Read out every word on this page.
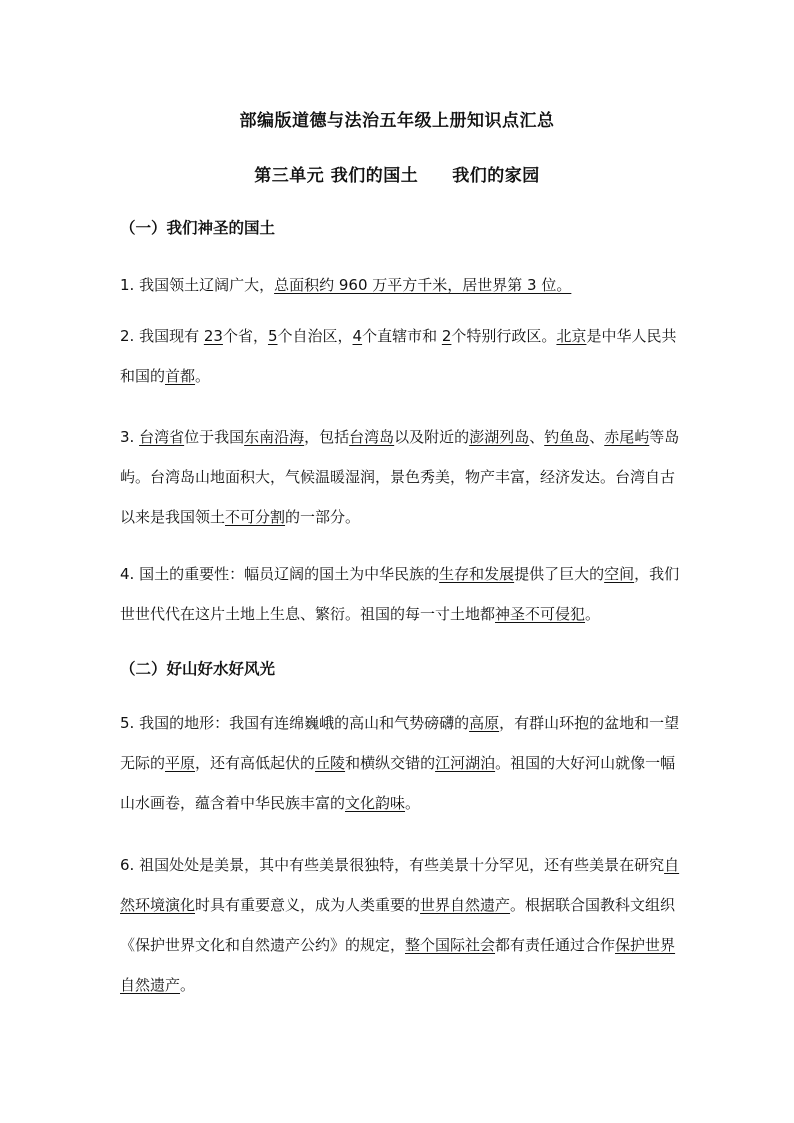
部编版道德与法治五年级上册知识点汇总
第三单元 我们的国土 我们的家园
（一）我们神圣的国土

1. 我国领土辽阔广大，总面积约 960 万平方千米，居世界第 3 位。

2. 我国现有 23个省，5个自治区，4个直辖市和 2个特别行政区。北京是中华人民共和国的首都。

3. 台湾省位于我国东南沿海，包括台湾岛以及附近的澎湖列岛、钓鱼岛、赤尾屿等岛屿。台湾岛山地面积大，气候温暖湿润，景色秀美，物产丰富，经济发达。台湾自古以来是我国领土不可分割的一部分。

4. 国土的重要性：幅员辽阔的国土为中华民族的生存和发展提供了巨大的空间，我们世世代代在这片土地上生息、繁衍。祖国的每一寸土地都神圣不可侵犯。

（二）好山好水好风光

5. 我国的地形：我国有连绵巍峨的高山和气势磅礴的高原，有群山环抱的盆地和一望无际的平原，还有高低起伏的丘陵和横纵交错的江河湖泊。祖国的大好河山就像一幅山水画卷，蕴含着中华民族丰富的文化韵味。

6. 祖国处处是美景，其中有些美景很独特，有些美景十分罕见，还有些美景在研究自然环境演化时具有重要意义，成为人类重要的世界自然遗产。根据联合国教科文组织《保护世界文化和自然遗产公约》的规定，整个国际社会都有责任通过合作保护世界自然遗产。
